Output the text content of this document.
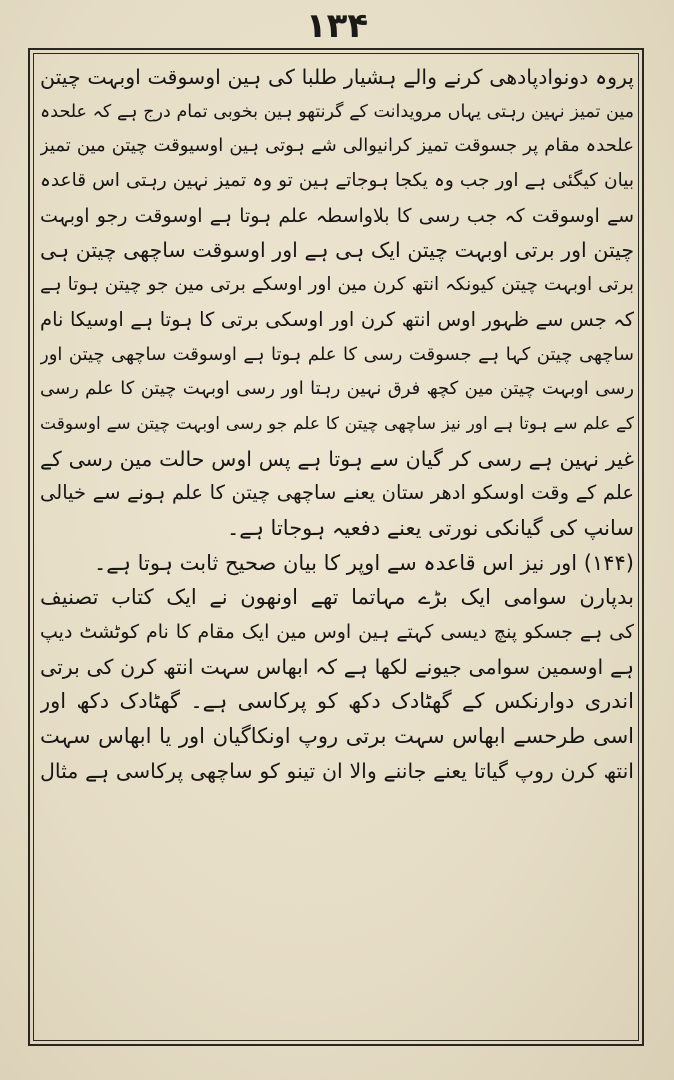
۱۳۴
پروہ دونوادپادھی کرنے والے ہشیار طلبا کی ہین اوسوقت اوبہت چیتن
مین تمیز نہین رہتی یہاں مرویدانت کے گرنتھو ہین بخوبی تمام درج ہے کہ علحدہ
علحدہ مقام پر جسوقت تمیز کرانیوالی شے ہوتی ہین اوسیوقت چیتن مین تمیز
بیان کیگئی ہے اور جب وہ یکجا ہوجاتے ہین تو وہ تمیز نہین رہتی اس قاعدہ
سے اوسوقت کہ جب رسی کا بلاواسطہ علم ہوتا ہے اوسوقت رجو اوبہت
چیتن اور برتی اوبہت چیتن ایک ہی ہے اور اوسوقت ساچھی چیتن ہی
برتی اوبہت چیتن کیونکہ انتھ کرن مین اور اوسکے برتی مین جو چیتن ہوتا ہے
کہ جس سے ظہور اوس انتھ کرن اور اوسکی برتی کا ہوتا ہے اوسیکا نام
ساچھی چیتن کہا ہے جسوقت رسی کا علم ہوتا ہے اوسوقت ساچھی چیتن اور
رسی اوبہت چیتن مین کچھ فرق نہین رہتا اور رسی اوبہت چیتن کا علم رسی
کے علم سے ہوتا ہے اور نیز ساچھی چیتن کا علم جو رسی اوبہت چیتن سے اوسوقت
غیر نہین ہے رسی کر گیان سے ہوتا ہے پس اوس حالت مین رسی کے
علم کے وقت اوسکو ادھر ستان یعنے ساچھی چیتن کا علم ہونے سے خیالی
سانپ کی گیانکی نورتی یعنے دفعیہ ہوجاتا ہے۔
(۱۴۴) اور نیز اس قاعدہ سے اوپر کا بیان صحیح ثابت ہوتا ہے۔
بدپارن سوامی ایک بڑے مہاتما تھے اونھون نے ایک کتاب تصنیف
کی ہے جسکو پنچ دیسی کہتے ہین اوس مین ایک مقام کا نام کوٹشٹ دیپ
ہے اوسمین سوامی جیونے لکھا ہے کہ ابھاس سہت انتھ کرن کی برتی
اندری دوارنکس کے گھٹادک دکھ کو پرکاسی ہے۔ گھٹادک دکھ اور
اسی طرحسے ابھاس سہت برتی روپ اونکاگیان اور یا ابھاس سہت
انتھ کرن روپ گیاتا یعنے جاننے والا ان تینو کو ساچھی پرکاسی ہے مثال
